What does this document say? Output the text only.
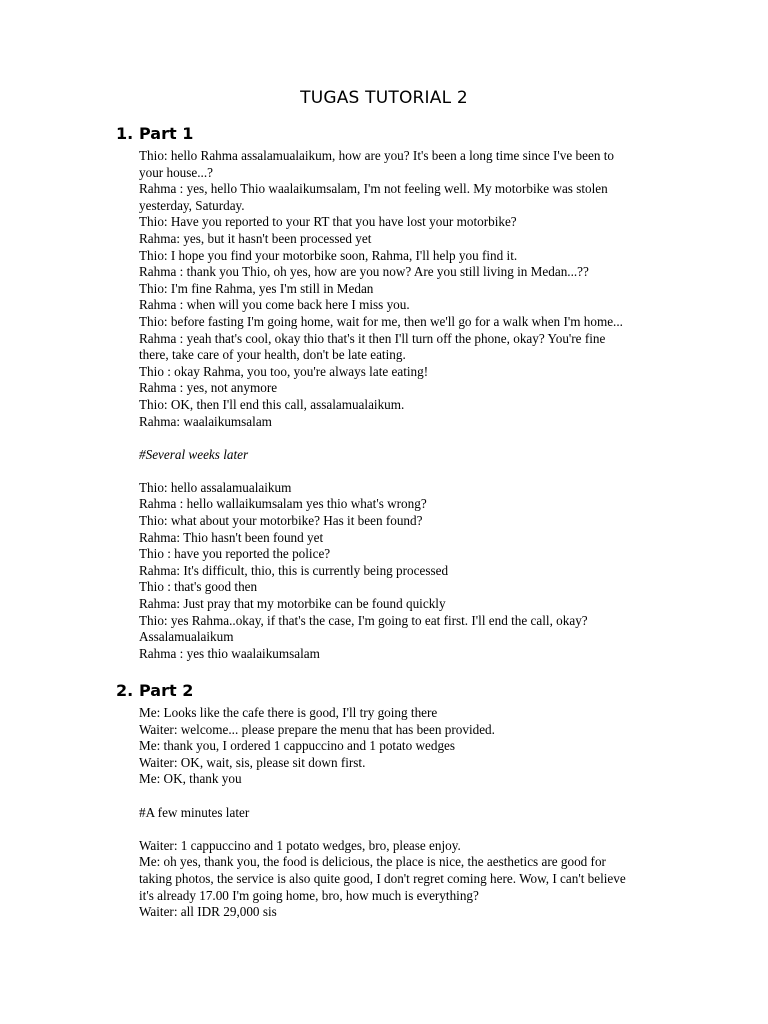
TUGAS TUTORIAL 2
1. Part 1
Thio: hello Rahma assalamualaikum, how are you? It's been a long time since I've been to
your house...?
Rahma : yes, hello Thio waalaikumsalam, I'm not feeling well. My motorbike was stolen
yesterday, Saturday.
Thio: Have you reported to your RT that you have lost your motorbike?
Rahma: yes, but it hasn't been processed yet
Thio: I hope you find your motorbike soon, Rahma, I'll help you find it.
Rahma : thank you Thio, oh yes, how are you now? Are you still living in Medan...??
Thio: I'm fine Rahma, yes I'm still in Medan
Rahma : when will you come back here I miss you.
Thio: before fasting I'm going home, wait for me, then we'll go for a walk when I'm home...
Rahma : yeah that's cool, okay thio that's it then I'll turn off the phone, okay? You're fine
there, take care of your health, don't be late eating.
Thio : okay Rahma, you too, you're always late eating!
Rahma : yes, not anymore
Thio: OK, then I'll end this call, assalamualaikum.
Rahma: waalaikumsalam
#Several weeks later
Thio: hello assalamualaikum
Rahma : hello wallaikumsalam yes thio what's wrong?
Thio: what about your motorbike? Has it been found?
Rahma: Thio hasn't been found yet
Thio : have you reported the police?
Rahma: It's difficult, thio, this is currently being processed
Thio : that's good then
Rahma: Just pray that my motorbike can be found quickly
Thio: yes Rahma..okay, if that's the case, I'm going to eat first. I'll end the call, okay?
Assalamualaikum
Rahma : yes thio waalaikumsalam
2. Part 2
Me: Looks like the cafe there is good, I'll try going there
Waiter: welcome... please prepare the menu that has been provided.
Me: thank you, I ordered 1 cappuccino and 1 potato wedges
Waiter: OK, wait, sis, please sit down first.
Me: OK, thank you
#A few minutes later
Waiter: 1 cappuccino and 1 potato wedges, bro, please enjoy.
Me: oh yes, thank you, the food is delicious, the place is nice, the aesthetics are good for
taking photos, the service is also quite good, I don't regret coming here. Wow, I can't believe
it's already 17.00 I'm going home, bro, how much is everything?
Waiter: all IDR 29,000 sis
